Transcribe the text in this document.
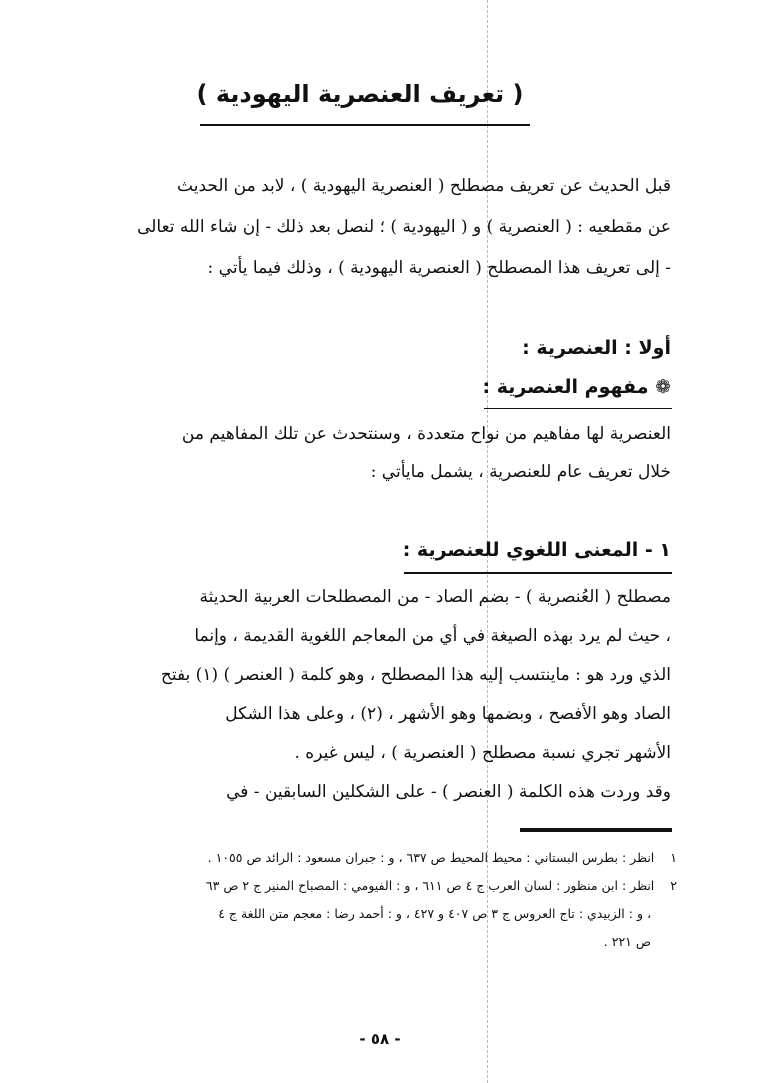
( تعريف العنصرية اليهودية )
قبل الحديث عن تعريف مصطلح ( العنصرية اليهودية ) ، لابد من الحديث
عن مقطعيه : ( العنصرية ) و ( اليهودية ) ؛ لنصل بعد ذلك - إن شاء الله تعالى
- إلى تعريف هذا المصطلح ( العنصرية اليهودية ) ، وذلك فيما يأتي :
أولا : العنصرية :
❁ مفهوم العنصرية :
العنصرية لها مفاهيم من نواح متعددة ، وسنتحدث عن تلك المفاهيم من
خلال تعريف عام للعنصرية ، يشمل مايأتي :
١ - المعنى اللغوي للعنصرية :
مصطلح ( العُنصرية ) - بضم الصاد - من المصطلحات العربية الحديثة
، حيث لم يرد بهذه الصيغة في أي من المعاجم اللغوية القديمة ، وإنما
الذي ورد هو : ماينتسب إليه هذا المصطلح ، وهو كلمة ( العنصر ) (١) بفتح
الصاد وهو الأفصح ، وبضمها وهو الأشهر ، (٢) ، وعلى هذا الشكل
الأشهر تجري نسبة مصطلح ( العنصرية ) ، ليس غيره .
وقد وردت هذه الكلمة ( العنصر ) - على الشكلين السابقين - في
١انظر : بطرس البستاني : محيط المحيط ص ٦٣٧ ، و : جبران مسعود : الرائد ص ١٠٥٥ .
٢انظر : ابن منظور : لسان العرب ج ٤ ص ٦١١ ، و : الفيومي : المصباح المنير ج ٢ ص ٦٣
، و : الزبيدي : تاج العروس ج ٣ ص ٤٠٧ و ٤٢٧ ، و : أحمد رضا : معجم متن اللغة ج ٤
ص ٢٢١ .
- ٥٨ -
